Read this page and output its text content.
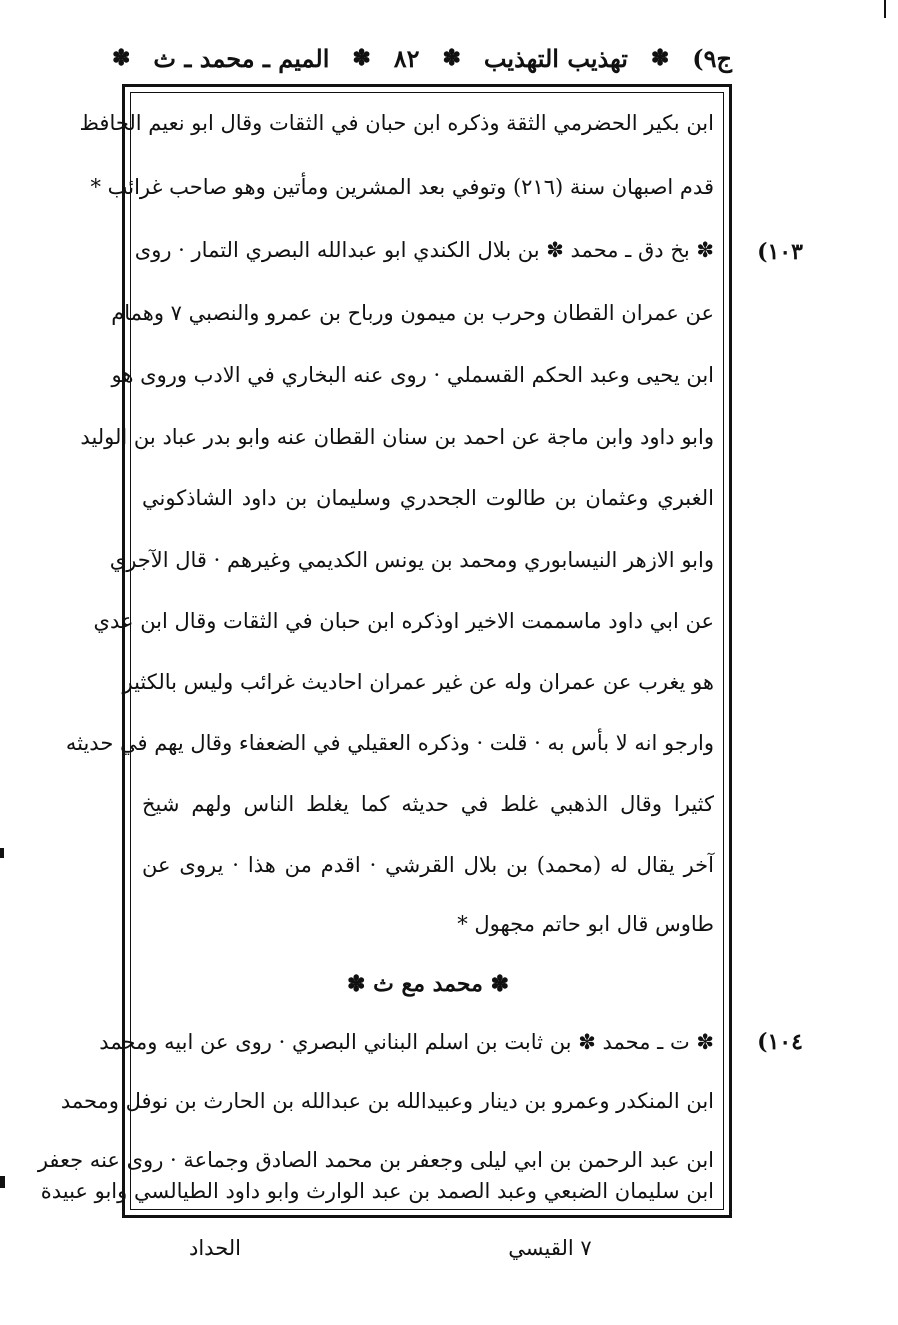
ج٩)
✽
تهذيب التهذيب
✽
٨٢
✽
الميم ـ محمد ـ ث
✽
ابن بكير الحضرمي الثقة وذكره ابن حبان في الثقات وقال ابو نعيم الحافظ
قدم اصبهان سنة (٢١٦) وتوفي بعد المشرين ومأتين وهو صاحب غرائب *
✽ بخ دق ـ محمد ✽ بن بلال الكندي ابو عبدالله البصري التمار · روى
عن عمران القطان وحرب بن ميمون ورباح بن عمرو والنصبي ٧ وهمام
ابن يحيى وعبد الحكم القسملي · روى عنه البخاري في الادب وروى هو
وابو داود وابن ماجة عن احمد بن سنان القطان عنه وابو بدر عباد بن الوليد
الغبري وعثمان بن طالوت الجحدري وسليمان بن داود الشاذكوني
وابو الازهر النيسابوري ومحمد بن يونس الكديمي وغيرهم · قال الآجري
عن ابي داود ماسممت الاخير اوذكره ابن حبان في الثقات وقال ابن عدي
هو يغرب عن عمران وله عن غير عمران احاديث غرائب وليس بالكثير
وارجو انه لا بأس به · قلت · وذكره العقيلي في الضعفاء وقال يهم في حديثه
كثيرا وقال الذهبي غلط في حديثه كما يغلط الناس ولهم شيخ
آخر يقال له (محمد) بن بلال القرشي · اقدم من هذا · يروى عن
طاوس قال ابو حاتم مجهول *
✽ محمد مع ث ✽
✽ ت ـ محمد ✽ بن ثابت بن اسلم البناني البصري · روى عن ابيه ومحمد
ابن المنكدر وعمرو بن دينار وعبيدالله بن عبدالله بن الحارث بن نوفل ومحمد
ابن عبد الرحمن بن ابي ليلى وجعفر بن محمد الصادق وجماعة · روى عنه جعفر
(١٠٣
(١٠٤
٧ القيسي
الحداد
ابن سليمان الضبعي وعبد الصمد بن عبد الوارث وابو داود الطيالسي وابو عبيدة
